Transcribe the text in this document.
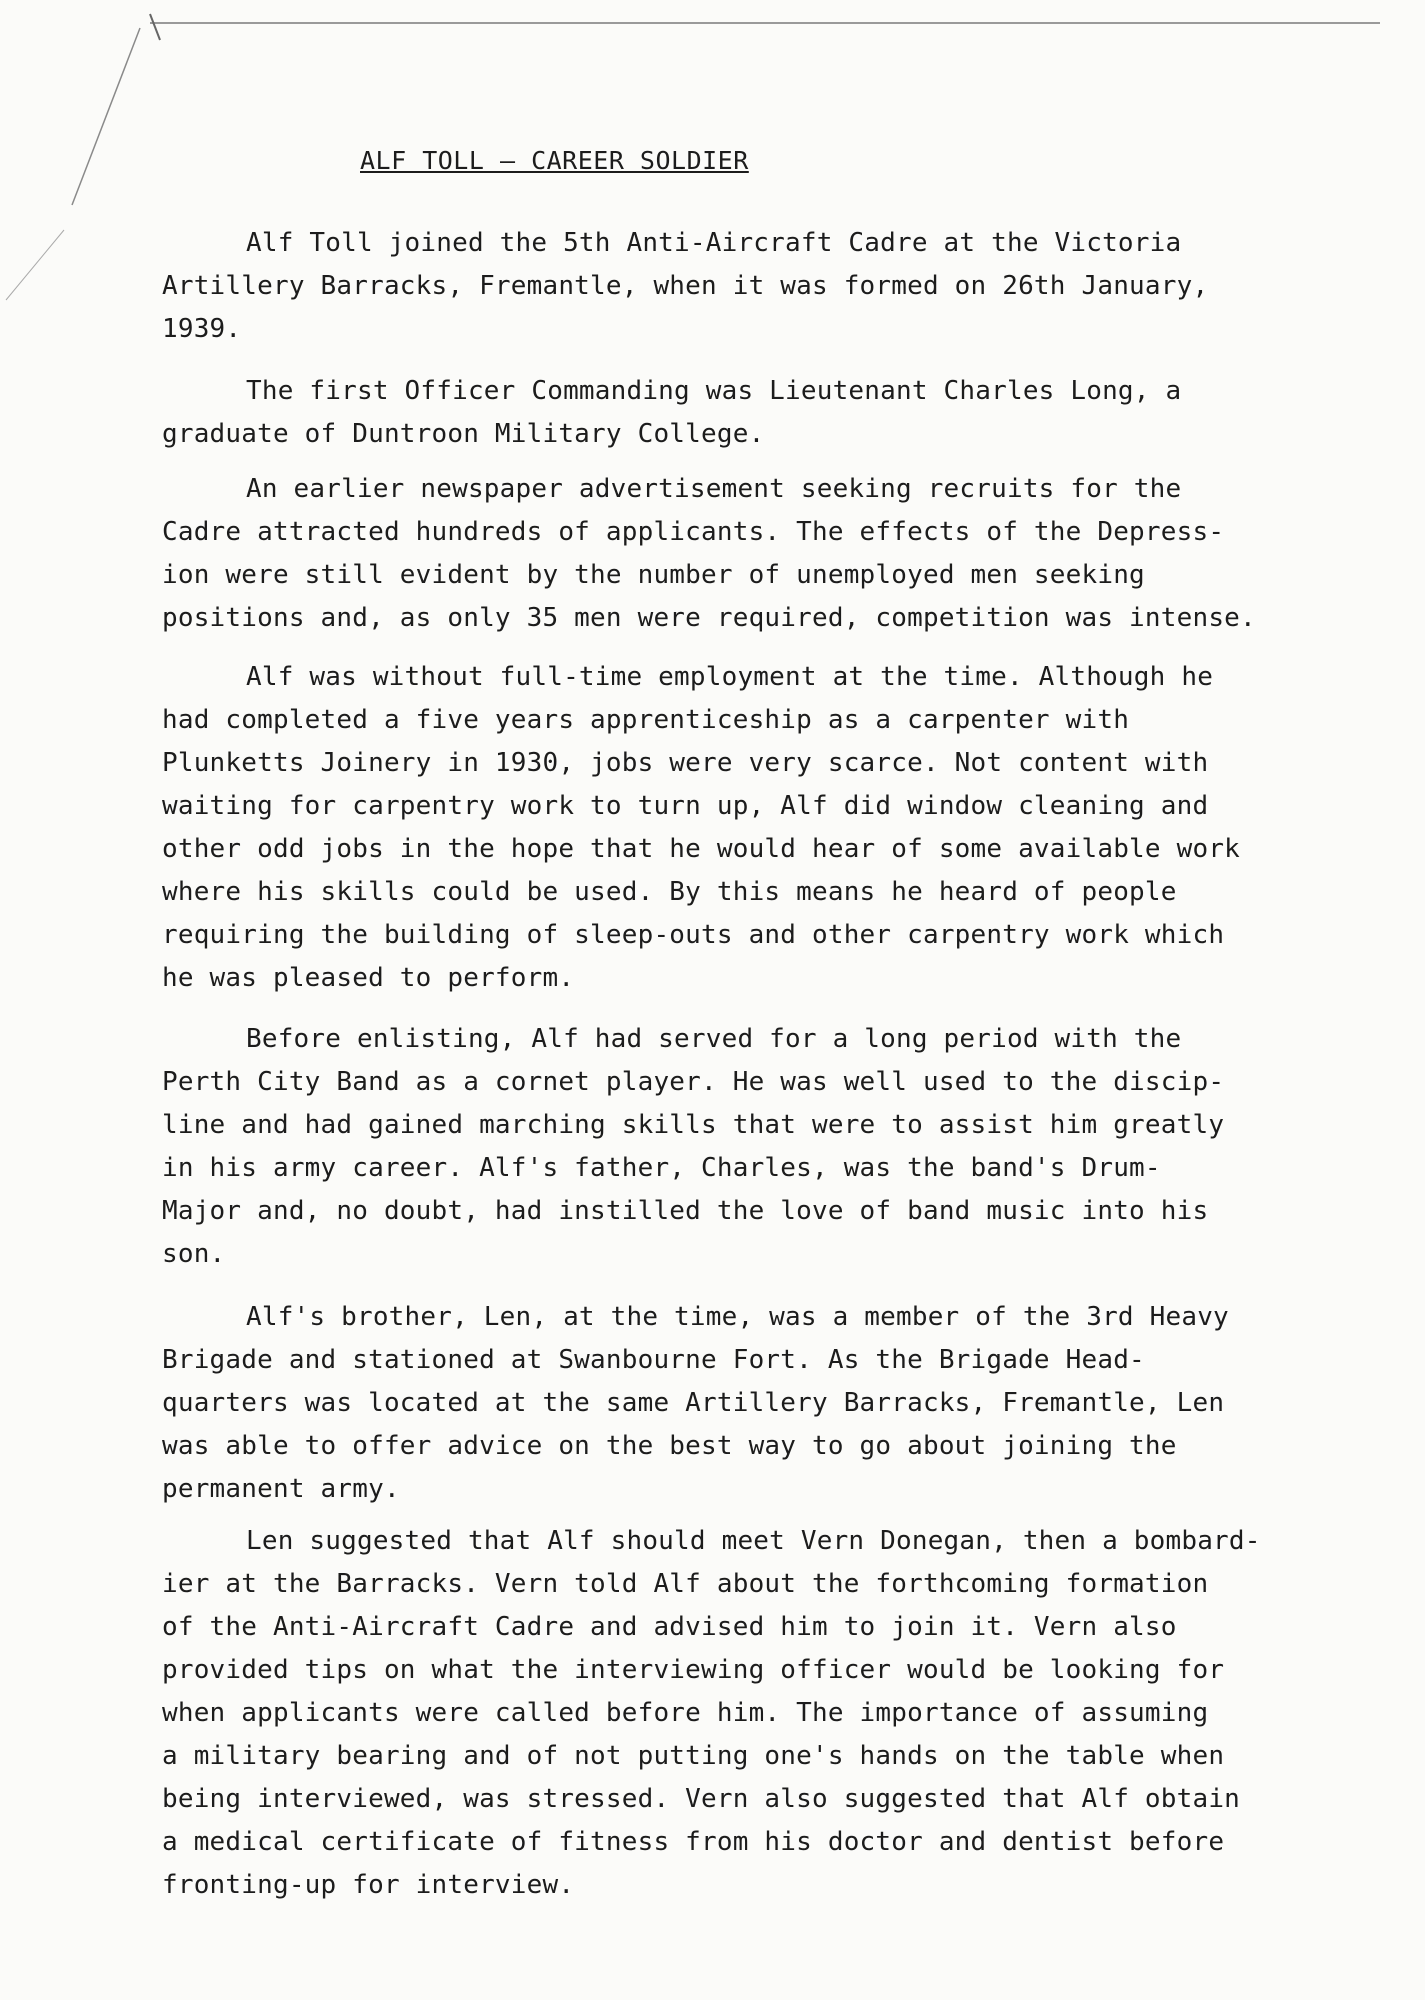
ALF TOLL — CAREER SOLDIER

Alf Toll joined the 5th Anti-Aircraft Cadre at the Victoria
Artillery Barracks, Fremantle, when it was formed on 26th January,
1939.

The first Officer Commanding was Lieutenant Charles Long, a
graduate of Duntroon Military College.

An earlier newspaper advertisement seeking recruits for the
Cadre attracted hundreds of applicants. The effects of the Depress-
ion were still evident by the number of unemployed men seeking
positions and, as only 35 men were required, competition was intense.

Alf was without full-time employment at the time. Although he
had completed a five years apprenticeship as a carpenter with
Plunketts Joinery in 1930, jobs were very scarce. Not content with
waiting for carpentry work to turn up, Alf did window cleaning and
other odd jobs in the hope that he would hear of some available work
where his skills could be used. By this means he heard of people
requiring the building of sleep-outs and other carpentry work which
he was pleased to perform.

Before enlisting, Alf had served for a long period with the
Perth City Band as a cornet player. He was well used to the discip-
line and had gained marching skills that were to assist him greatly
in his army career. Alf's father, Charles, was the band's Drum-
Major and, no doubt, had instilled the love of band music into his
son.

Alf's brother, Len, at the time, was a member of the 3rd Heavy
Brigade and stationed at Swanbourne Fort. As the Brigade Head-
quarters was located at the same Artillery Barracks, Fremantle, Len
was able to offer advice on the best way to go about joining the
permanent army.

Len suggested that Alf should meet Vern Donegan, then a bombard-
ier at the Barracks. Vern told Alf about the forthcoming formation
of the Anti-Aircraft Cadre and advised him to join it. Vern also
provided tips on what the interviewing officer would be looking for
when applicants were called before him. The importance of assuming
a military bearing and of not putting one's hands on the table when
being interviewed, was stressed. Vern also suggested that Alf obtain
a medical certificate of fitness from his doctor and dentist before
fronting-up for interview.
